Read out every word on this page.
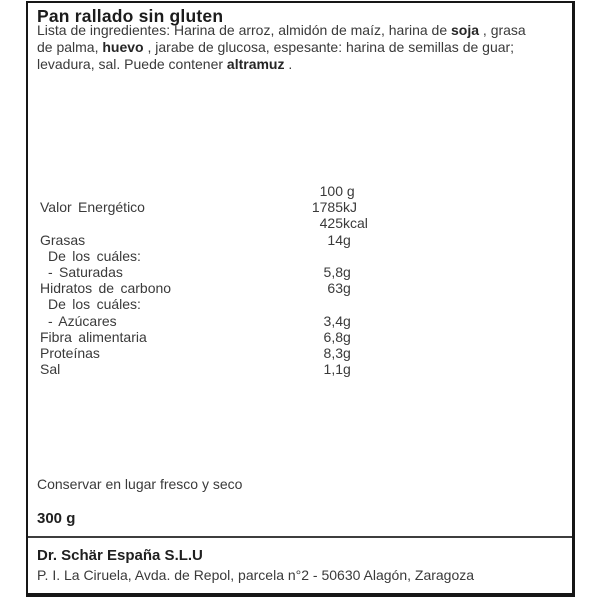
Pan rallado sin gluten

Lista de ingredientes: Harina de arroz, almidón de maíz, harina de soja , grasa de palma, huevo , jarabe de glucosa, espesante: harina de semillas de guar; levadura, sal. Puede contener altramuz .

100 g
Valor Energético	1785 kJ
425 kcal
Grasas	14 g
De los cuáles:
- Saturadas	5,8 g
Hidratos de carbono	63 g
De los cuáles:
- Azúcares	3,4 g
Fibra alimentaria	6,8 g
Proteínas	8,3 g
Sal	1,1 g

Conservar en lugar fresco y seco

300 g

Dr. Schär España S.L.U

P. I. La Ciruela, Avda. de Repol, parcela n°2 - 50630 Alagón, Zaragoza
